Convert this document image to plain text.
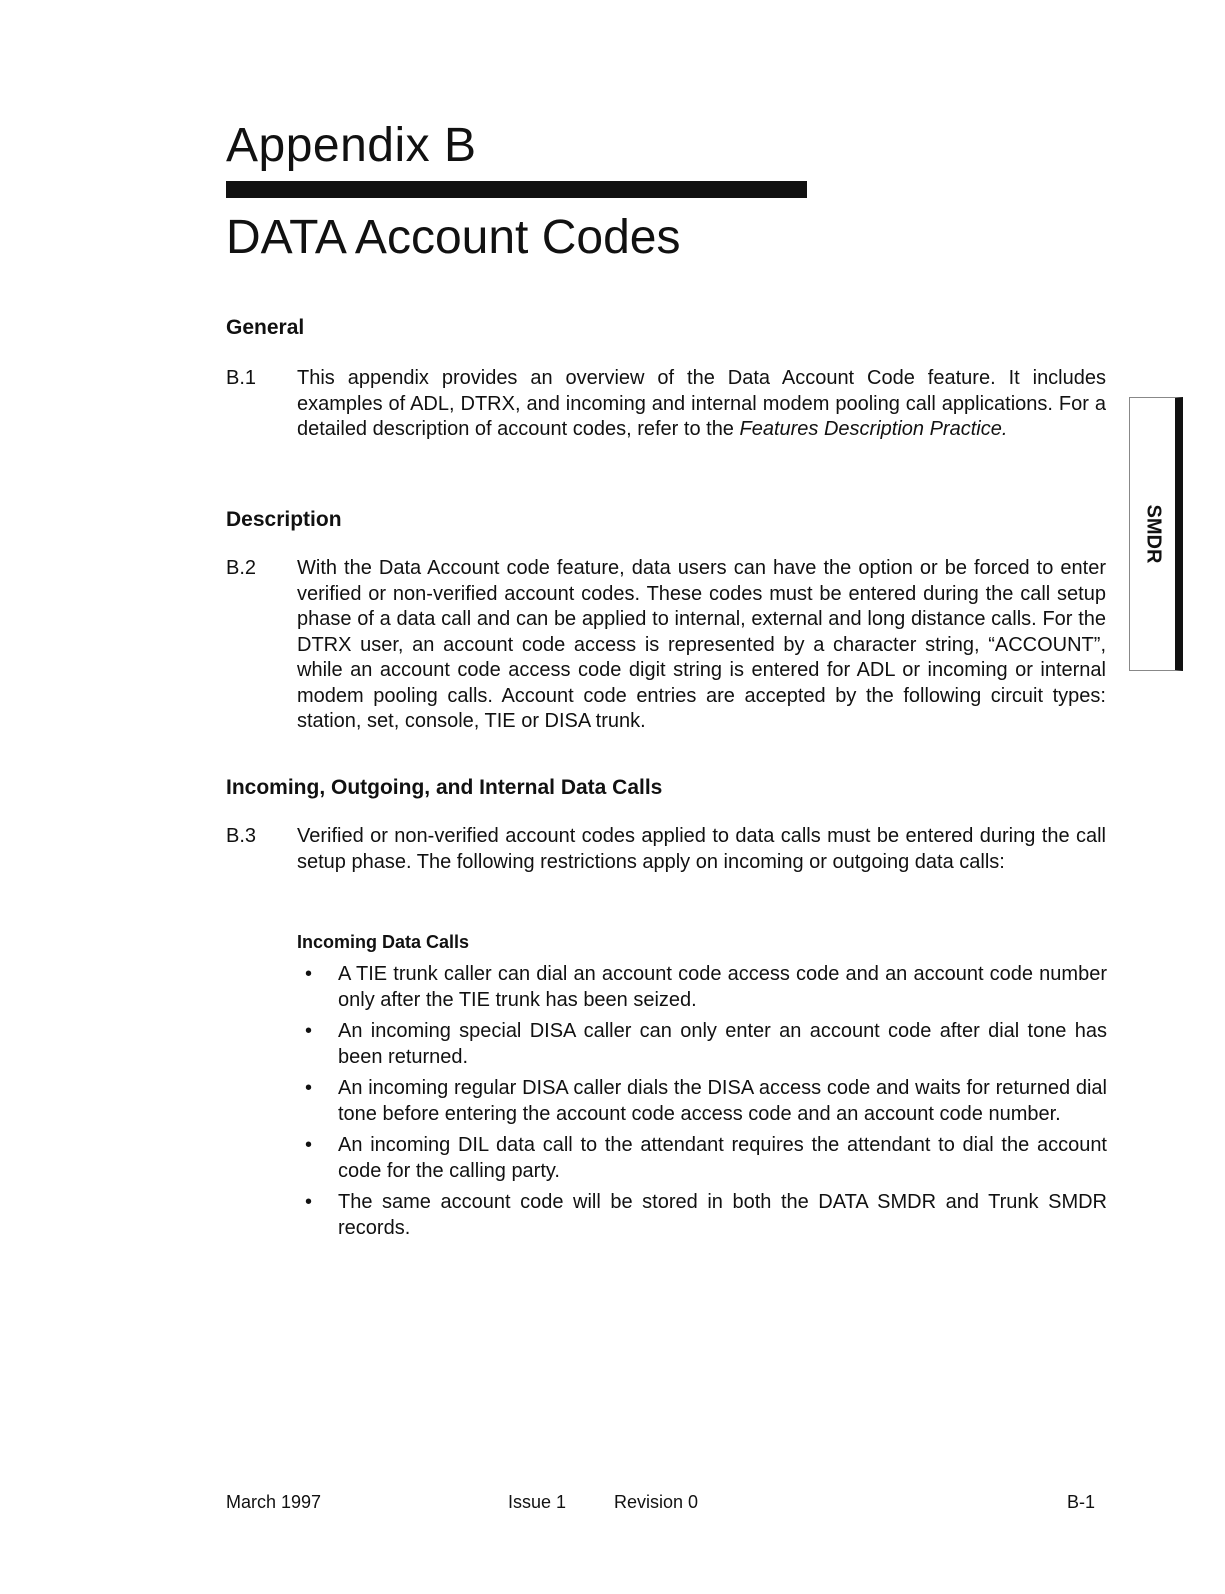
Appendix B
DATA Account Codes
SMDR
General
B.1 This appendix provides an overview of the Data Account Code feature. It includes examples of ADL, DTRX, and incoming and internal modem pooling call applications. For a detailed description of account codes, refer to the Features Description Practice.
Description
B.2 With the Data Account code feature, data users can have the option or be forced to enter verified or non-verified account codes. These codes must be entered during the call setup phase of a data call and can be applied to internal, external and long distance calls. For the DTRX user, an account code access is represented by a character string, “ACCOUNT”, while an account code access code digit string is entered for ADL or incoming or internal modem pooling calls. Account code entries are accepted by the following circuit types: station, set, console, TIE or DISA trunk.
Incoming, Outgoing, and Internal Data Calls
B.3 Verified or non-verified account codes applied to data calls must be entered during the call setup phase. The following restrictions apply on incoming or outgoing data calls:
Incoming Data Calls
• A TIE trunk caller can dial an account code access code and an account code number only after the TIE trunk has been seized.
• An incoming special DISA caller can only enter an account code after dial tone has been returned.
• An incoming regular DISA caller dials the DISA access code and waits for returned dial tone before entering the account code access code and an account code number.
• An incoming DIL data call to the attendant requires the attendant to dial the account code for the calling party.
• The same account code will be stored in both the DATA SMDR and Trunk SMDR records.
March 1997	Issue 1	Revision 0	B-1
